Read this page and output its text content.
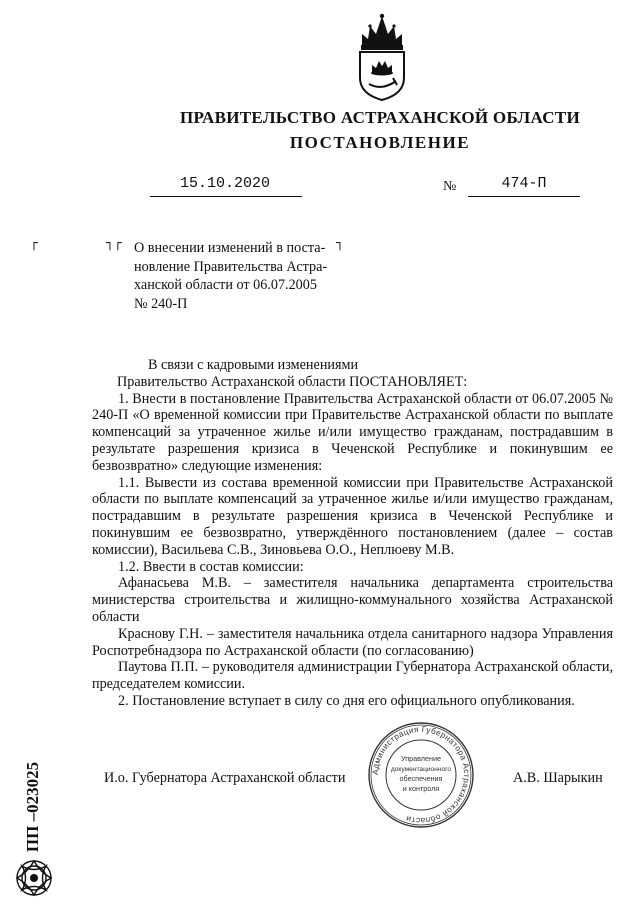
ПРАВИТЕЛЬСТВО АСТРАХАНСКОЙ ОБЛАСТИ
ПОСТАНОВЛЕНИЕ
15.10.2020	№	474-П
┌	┐┌	┐
О внесении изменений в поста-
новление Правительства Астра-
ханской области от 06.07.2005
№ 240-П

В связи с кадровыми изменениями

Правительство Астраханской области ПОСТАНОВЛЯЕТ:

1. Внести в постановление Правительства Астраханской области от 06.07.2005 № 240-П «О временной комиссии при Правительстве Астраханской области по выплате компенсаций за утраченное жилье и/или имущество гражданам, пострадавшим в результате разрешения кризиса в Чеченской Республике и покинувшим ее безвозвратно» следующие изменения:

1.1. Вывести из состава временной комиссии при Правительстве Астраханской области по выплате компенсаций за утраченное жилье и/или имущество гражданам, пострадавшим в результате разрешения кризиса в Чеченской Республике и покинувшим ее безвозвратно, утверждённого постановлением (далее – состав комиссии), Васильева С.В., Зиновьева О.О., Неплюеву М.В.

1.2. Ввести в состав комиссии:

Афанасьева М.В. – заместителя начальника департамента строительства министерства строительства и жилищно-коммунального хозяйства Астраханской области

Краснову Г.Н. – заместителя начальника отдела санитарного надзора Управления Роспотребнадзора по Астраханской области (по согласованию)

Паутова П.П. – руководителя администрации Губернатора Астраханской области, председателем комиссии.

2. Постановление вступает в силу со дня его официального опубликования.

И.о. Губернатора Астраханской области	А.В. Шарыкин
Администрация Губернатора Астраханской области
Управление
документационного
обеспечения
и контроля
ПП –023025
